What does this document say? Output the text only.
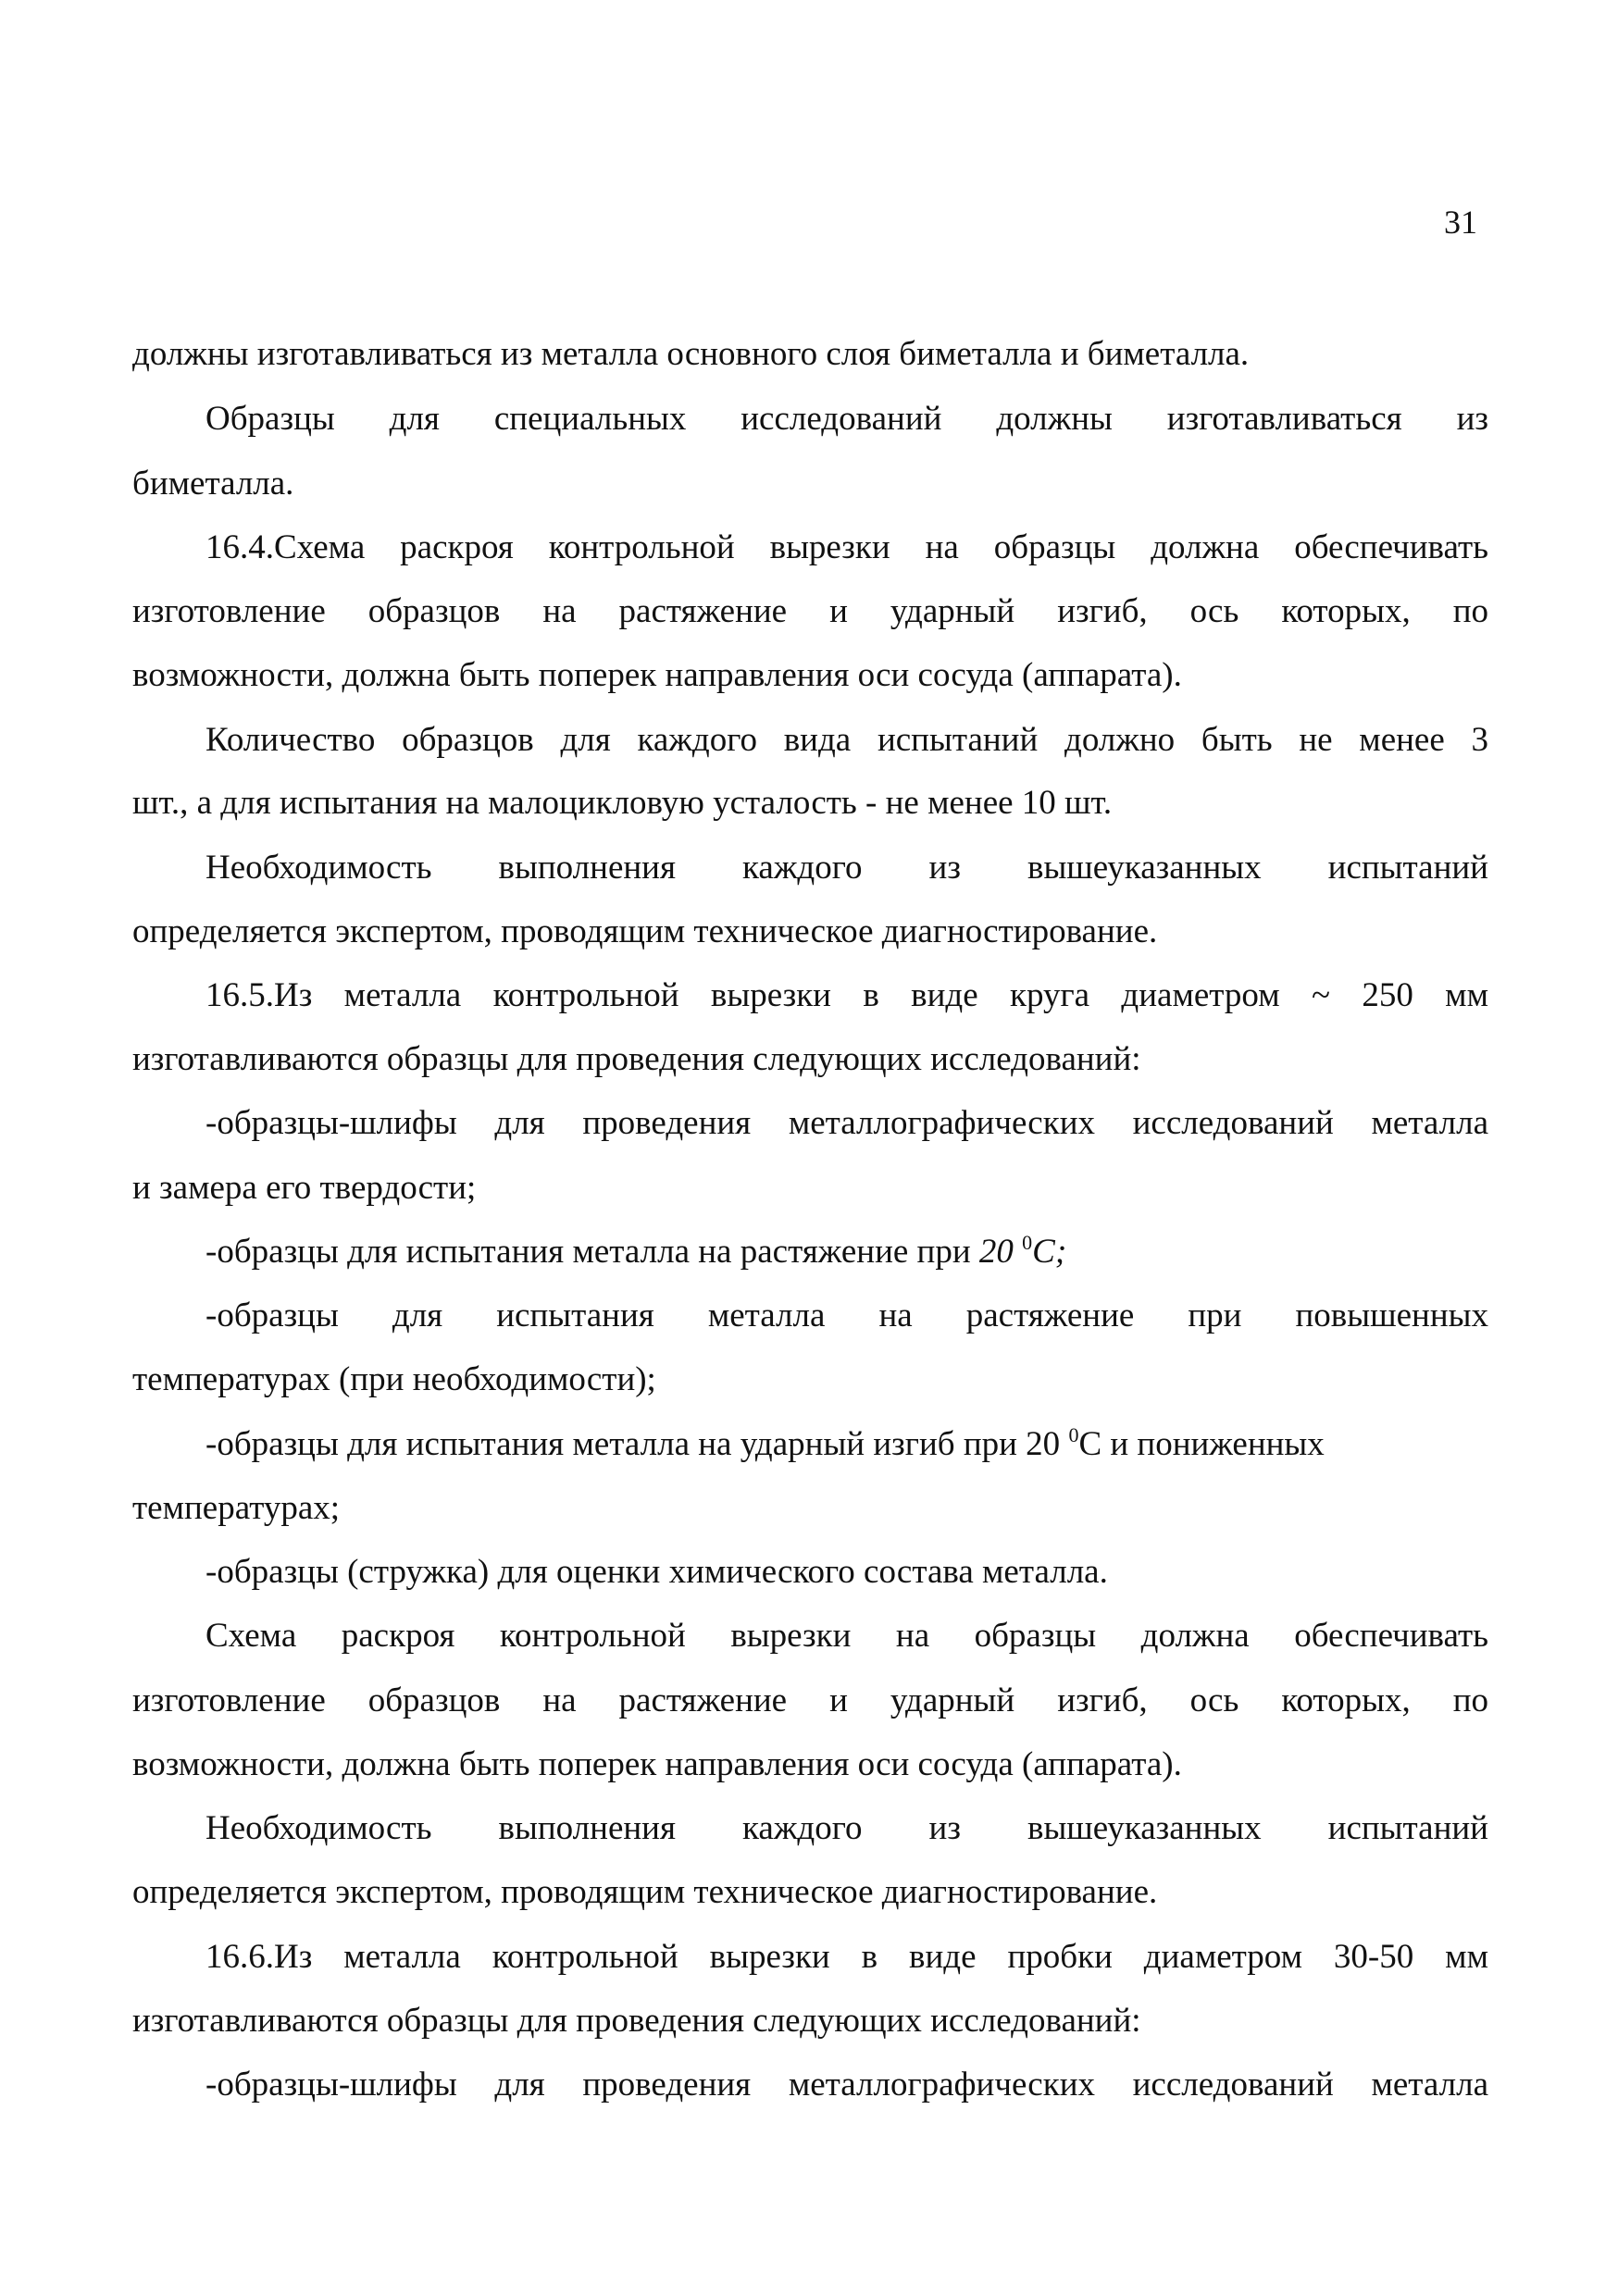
31
должны изготавливаться из металла основного слоя биметалла и биметалла.
Образцы для специальных исследований должны изготавливаться из
биметалла.
16.4.Схема раскроя контрольной вырезки на образцы должна обеспечивать
изготовление образцов на растяжение и ударный изгиб, ось которых, по
возможности, должна быть поперек направления оси сосуда (аппарата).
Количество образцов для каждого вида испытаний должно быть не менее 3
шт., а для испытания на малоцикловую усталость - не менее 10 шт.
Необходимость выполнения каждого из вышеуказанных испытаний
определяется экспертом, проводящим техническое диагностирование.
16.5.Из металла контрольной вырезки в виде круга диаметром ~ 250 мм
изготавливаются образцы для проведения следующих исследований:
-образцы-шлифы для проведения металлографических исследований металла
и замера его твердости;
-образцы для испытания металла на растяжение при 20 $^0$С;
-образцы для испытания металла на растяжение при повышенных
температурах (при необходимости);
-образцы для испытания металла на ударный изгиб при 20 $^0$С и пониженных
температурах;
-образцы (стружка) для оценки химического состава металла.
Схема раскроя контрольной вырезки на образцы должна обеспечивать
изготовление образцов на растяжение и ударный изгиб, ось которых, по
возможности, должна быть поперек направления оси сосуда (аппарата).
Необходимость выполнения каждого из вышеуказанных испытаний
определяется экспертом, проводящим техническое диагностирование.
16.6.Из металла контрольной вырезки в виде пробки диаметром 30-50 мм
изготавливаются образцы для проведения следующих исследований:
-образцы-шлифы для проведения металлографических исследований металла
